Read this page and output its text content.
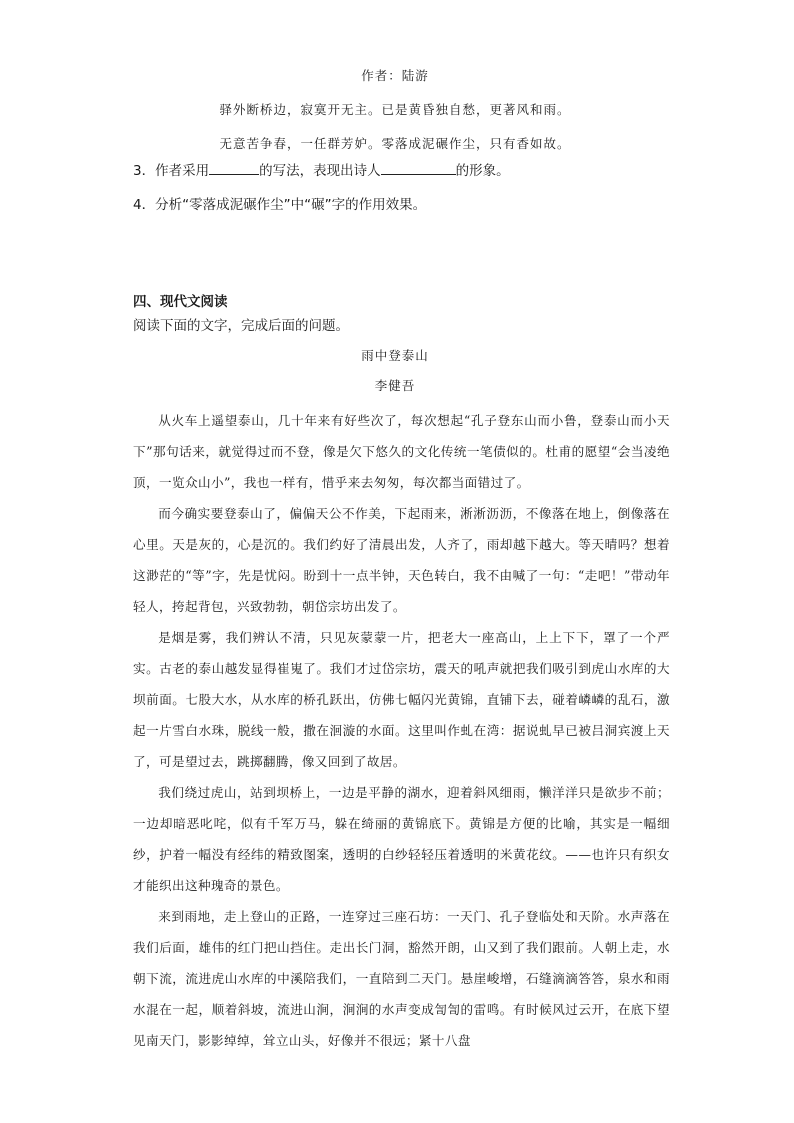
作者：陆游
驿外断桥边，寂寞开无主。已是黄昏独自愁，更著风和雨。
无意苦争春，一任群芳妒。零落成泥碾作尘，只有香如故。
3．作者采用	的写法，表现出诗人	的形象。
4．分析“零落成泥碾作尘”中“碾”字的作用效果。
四、现代文阅读
阅读下面的文字，完成后面的问题。
雨中登泰山
李健吾

从火车上遥望泰山，几十年来有好些次了，每次想起“孔子登东山而小鲁，登泰山而小天下”那句话来，就觉得过而不登，像是欠下悠久的文化传统一笔债似的。杜甫的愿望“会当凌绝顶，一览众山小”，我也一样有，惜乎来去匆匆，每次都当面错过了。

而今确实要登泰山了，偏偏天公不作美，下起雨来，淅淅沥沥，不像落在地上，倒像落在心里。天是灰的，心是沉的。我们约好了清晨出发，人齐了，雨却越下越大。等天晴吗？想着这渺茫的“等”字，先是忧闷。盼到十一点半钟，天色转白，我不由喊了一句：“走吧！”带动年轻人，挎起背包，兴致勃勃，朝岱宗坊出发了。

是烟是雾，我们辨认不清，只见灰蒙蒙一片，把老大一座高山，上上下下，罩了一个严实。古老的泰山越发显得崔嵬了。我们才过岱宗坊，震天的吼声就把我们吸引到虎山水库的大坝前面。七股大水，从水库的桥孔跃出，仿佛七幅闪光黄锦，直铺下去，碰着嶙嶙的乱石，激起一片雪白水珠，脱线一般，撒在洄漩的水面。这里叫作虬在湾：据说虬早已被吕洞宾渡上天了，可是望过去，跳掷翻腾，像又回到了故居。

我们绕过虎山，站到坝桥上，一边是平静的湖水，迎着斜风细雨，懒洋洋只是欲步不前；一边却暗恶叱咤，似有千军万马，躲在绮丽的黄锦底下。黄锦是方便的比喻，其实是一幅细纱，护着一幅没有经纬的精致图案，透明的白纱轻轻压着透明的米黄花纹。——也许只有织女才能织出这种瑰奇的景色。

来到雨地，走上登山的正路，一连穿过三座石坊：一天门、孔子登临处和天阶。水声落在我们后面，雄伟的红门把山挡住。走出长门洞，豁然开朗，山又到了我们跟前。人朝上走，水朝下流，流进虎山水库的中溪陪我们，一直陪到二天门。悬崖峻增，石缝滴滴答答，泉水和雨水混在一起，顺着斜坡，流进山涧，涧涧的水声变成訇訇的雷鸣。有时候风过云开，在底下望见南天门，影影绰绰，耸立山头，好像并不很远；紧十八盘
